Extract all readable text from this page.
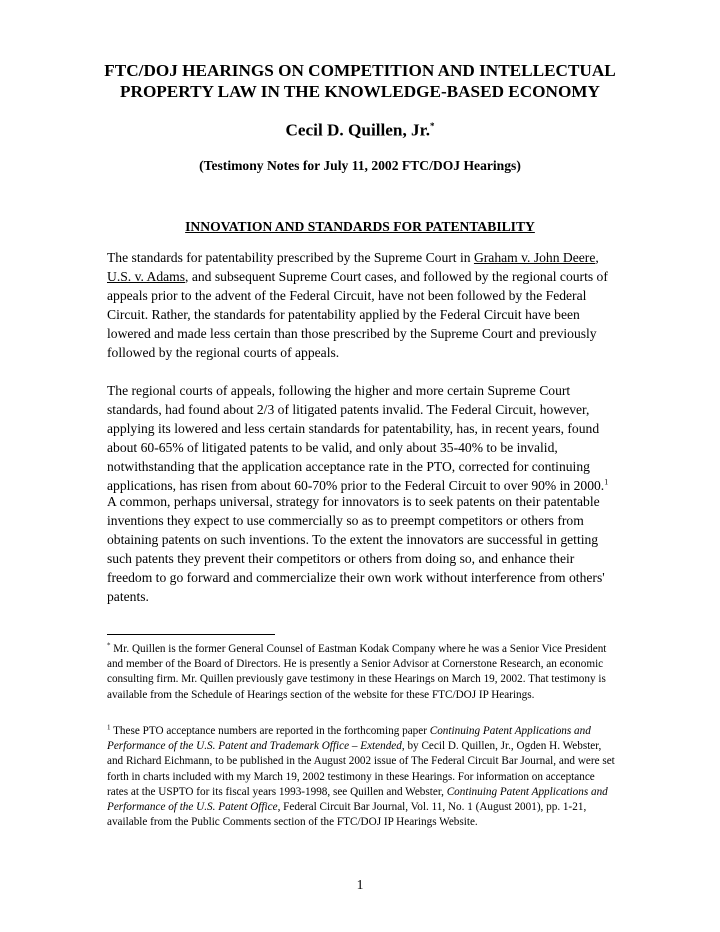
FTC/DOJ HEARINGS ON COMPETITION AND INTELLECTUAL
PROPERTY LAW IN THE KNOWLEDGE-BASED ECONOMY
Cecil D. Quillen, Jr.*
(Testimony Notes for July 11, 2002 FTC/DOJ Hearings)
INNOVATION AND STANDARDS FOR PATENTABILITY

The standards for patentability prescribed by the Supreme Court in Graham v. John Deere, U.S. v. Adams, and subsequent Supreme Court cases, and followed by the regional courts of appeals prior to the advent of the Federal Circuit, have not been followed by the Federal Circuit. Rather, the standards for patentability applied by the Federal Circuit have been lowered and made less certain than those prescribed by the Supreme Court and previously followed by the regional courts of appeals.

The regional courts of appeals, following the higher and more certain Supreme Court standards, had found about 2/3 of litigated patents invalid. The Federal Circuit, however, applying its lowered and less certain standards for patentability, has, in recent years, found about 60-65% of litigated patents to be valid, and only about 35-40% to be invalid, notwithstanding that the application acceptance rate in the PTO, corrected for continuing applications, has risen from about 60-70% prior to the Federal Circuit to over 90% in 2000.$^1$

A common, perhaps universal, strategy for innovators is to seek patents on their patentable inventions they expect to use commercially so as to preempt competitors or others from obtaining patents on such inventions. To the extent the innovators are successful in getting such patents they prevent their competitors or others from doing so, and enhance their freedom to go forward and commercialize their own work without interference from others' patents.

* Mr. Quillen is the former General Counsel of Eastman Kodak Company where he was a Senior Vice President and member of the Board of Directors. He is presently a Senior Advisor at Cornerstone Research, an economic consulting firm. Mr. Quillen previously gave testimony in these Hearings on March 19, 2002. That testimony is available from the Schedule of Hearings section of the website for these FTC/DOJ IP Hearings.

$^1$ These PTO acceptance numbers are reported in the forthcoming paper Continuing Patent Applications and Performance of the U.S. Patent and Trademark Office – Extended, by Cecil D. Quillen, Jr., Ogden H. Webster, and Richard Eichmann, to be published in the August 2002 issue of The Federal Circuit Bar Journal, and were set forth in charts included with my March 19, 2002 testimony in these Hearings. For information on acceptance rates at the USPTO for its fiscal years 1993-1998, see Quillen and Webster, Continuing Patent Applications and Performance of the U.S. Patent Office, Federal Circuit Bar Journal, Vol. 11, No. 1 (August 2001), pp. 1-21, available from the Public Comments section of the FTC/DOJ IP Hearings Website.

1
